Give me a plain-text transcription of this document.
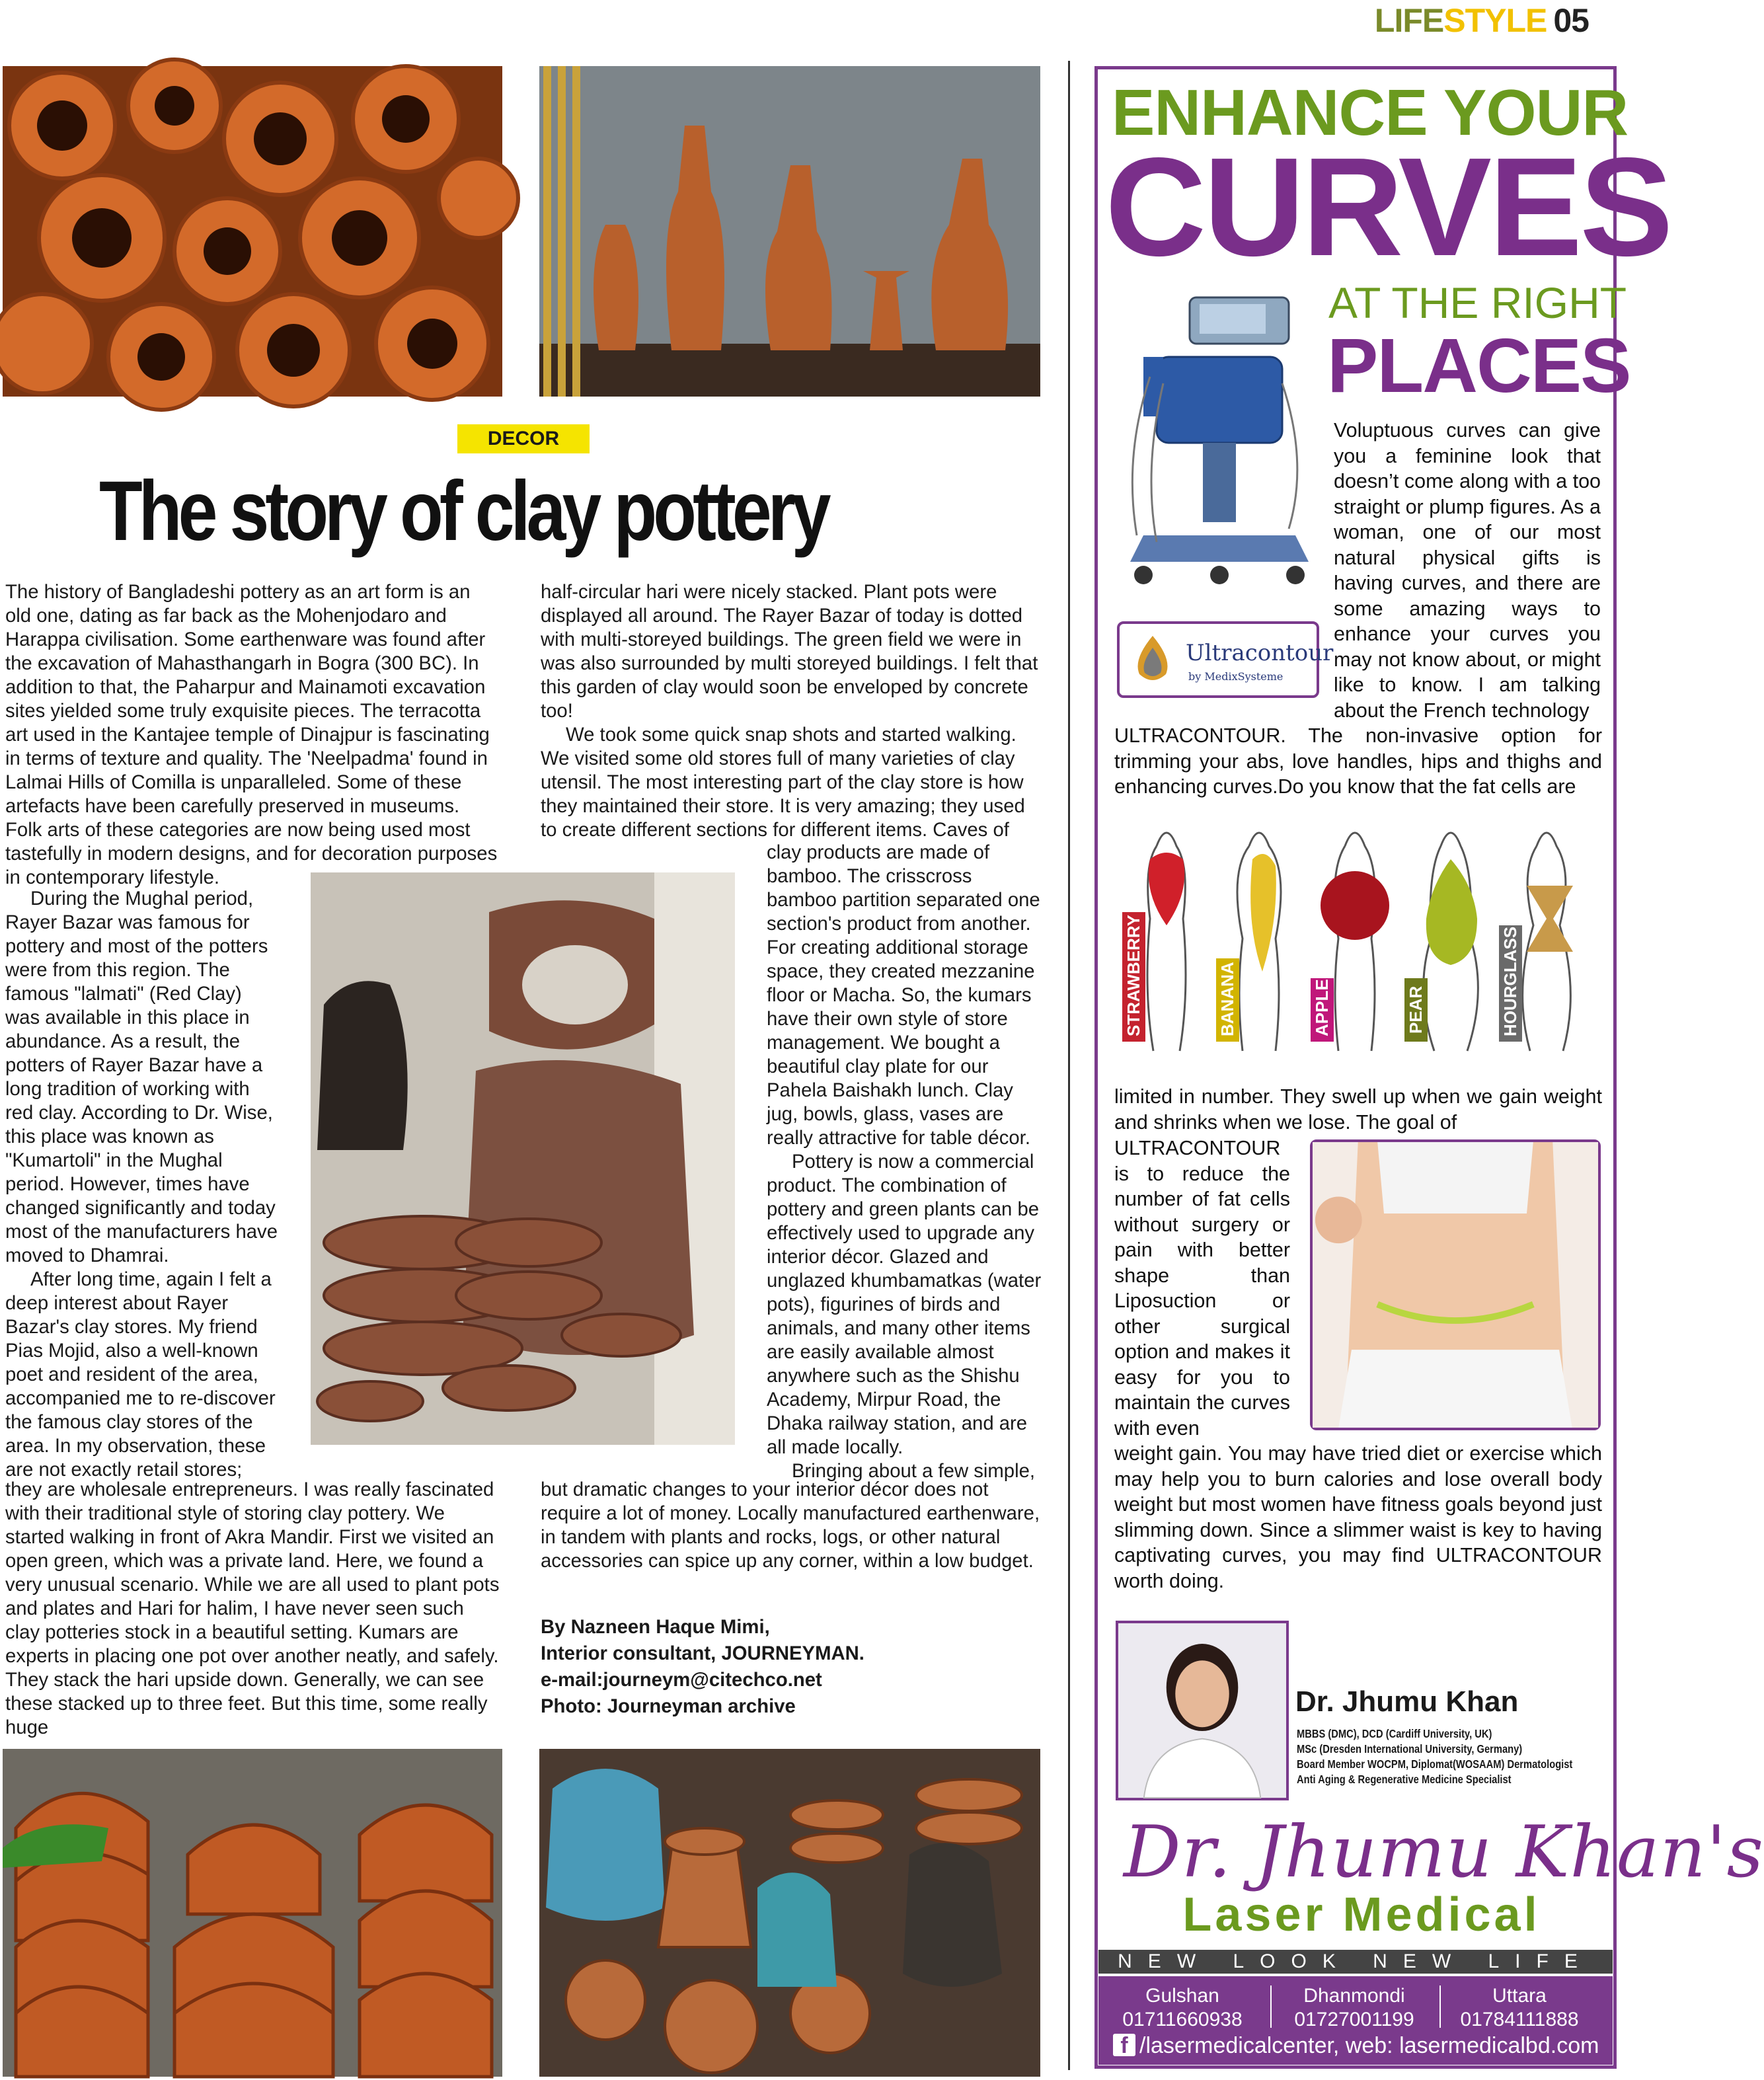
LIFESTYLE 05
DECOR
The story of clay pottery

The history of Bangladeshi pottery as an art form is an old one, dating as far back as the Mohenjodaro and Harappa civilisation. Some earthenware was found after the excavation of Mahasthangarh in Bogra (300 BC). In addition to that, the Paharpur and Mainamoti excavation sites yielded some truly exquisite pieces. The terracotta art used in the Kantajee temple of Dinajpur is fascinating in terms of texture and quality. The 'Neelpadma' found in Lalmai Hills of Comilla is unparalleled. Some of these artefacts have been carefully preserved in museums. Folk arts of these categories are now being used most tastefully in modern designs, and for decoration purposes in contemporary lifestyle.

During the Mughal period, Rayer Bazar was famous for pottery and most of the potters were from this region. The famous "lalmati" (Red Clay) was available in this place in abundance. As a result, the potters of Rayer Bazar have a long tradition of working with red clay. According to Dr. Wise, this place was known as "Kumartoli" in the Mughal period. However, times have changed significantly and today most of the manufacturers have moved to Dhamrai.

After long time, again I felt a deep interest about Rayer Bazar's clay stores. My friend Pias Mojid, also a well-known poet and resident of the area, accompanied me to re-discover the famous clay stores of the area. In my observation, these are not exactly retail stores;

they are wholesale entrepreneurs. I was really fascinated with their traditional style of storing clay pottery. We started walking in front of Akra Mandir. First we visited an open green, which was a private land. Here, we found a very unusual scenario. While we are all used to plant pots and plates and Hari for halim, I have never seen such clay potteries stock in a beautiful setting. Kumars are experts in placing one pot over another neatly, and safely. They stack the hari upside down. Generally, we can see these stacked up to three feet. But this time, some really huge

half-circular hari were nicely stacked. Plant pots were displayed all around. The Rayer Bazar of today is dotted with multi-storeyed buildings. The green field we were in was also surrounded by multi storeyed buildings. I felt that this garden of clay would soon be enveloped by concrete too!

We took some quick snap shots and started walking. We visited some old stores full of many varieties of clay utensil. The most interesting part of the clay store is how they maintained their store. It is very amazing; they used to create different sections for different items. Caves of

clay products are made of bamboo. The crisscross bamboo partition separated one section's product from another. For creating additional storage space, they created mezzanine floor or Macha. So, the kumars have their own style of store management. We bought a beautiful clay plate for our Pahela Baishakh lunch. Clay jug, bowls, glass, vases are really attractive for table décor.

Pottery is now a commercial product. The combination of pottery and green plants can be effectively used to upgrade any interior décor. Glazed and unglazed khumbamatkas (water pots), figurines of birds and animals, and many other items are easily available almost anywhere such as the Shishu Academy, Mirpur Road, the Dhaka railway station, and are all made locally.

Bringing about a few simple,

but dramatic changes to your interior décor does not require a lot of money. Locally manufactured earthenware, in tandem with plants and rocks, logs, or other natural accessories can spice up any corner, within a low budget.

By Nazneen Haque Mimi,
Interior consultant, JOURNEYMAN.
e-mail:journeym@citechco.net
Photo: Journeyman archive
ENHANCE YOUR
CURVES
AT THE RIGHT
PLACES
Ultracontour
by MedixSysteme
Voluptuous curves can give you a feminine look that doesn’t come along with a too straight or plump figures. As a woman, one of our most natural physical gifts is having curves, and there are some amazing ways to enhance your curves you may not know about, or might like to know. I am talking about the French technology
ULTRACONTOUR. The non-invasive option for trimming your abs, love handles, hips and thighs and enhancing curves.Do you know that the fat cells are
STRAWBERRY	BANANA	APPLE	PEAR	HOURGLASS
limited in number. They swell up when we gain weight and shrinks when we lose. The goal of
ULTRACONTOUR is to reduce the number of fat cells without surgery or pain with better shape than Liposuction or other surgical option and makes it easy for you to maintain the curves with even
weight gain. You may have tried diet or exercise which may help you to burn calories and lose overall body weight but most women have fitness goals beyond just slimming down. Since a slimmer waist is key to having captivating curves, you may find ULTRACONTOUR worth doing.
Dr. Jhumu Khan
MBBS (DMC), DCD (Cardiff University, UK)
MSc (Dresden International University, Germany)
Board Member WOCPM, Diplomat(WOSAAM) Dermatologist
Anti Aging & Regenerative Medicine Specialist
Dr. Jhumu Khan's
Laser Medical
NEW LOOK NEW LIFE
Gulshan
01711660938
Dhanmondi
01727001199
Uttara
01784111888
f /lasermedicalcenter, web: lasermedicalbd.com
